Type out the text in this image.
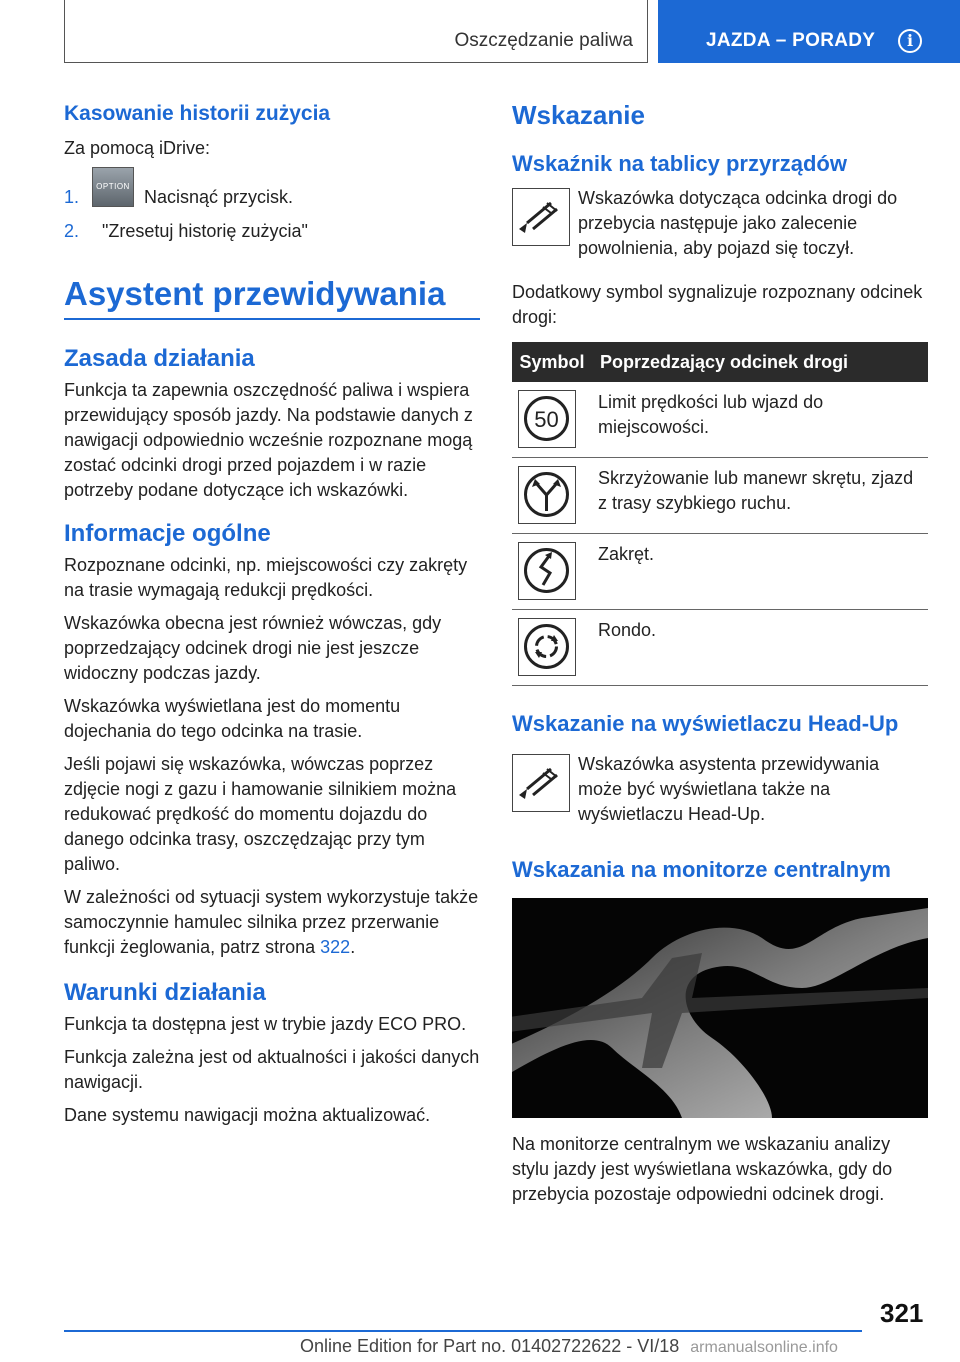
Oszczędzanie paliwa	JAZDA – PORADY	i
Kasowanie historii zużycia

Za pomocą iDrive:

1.
OPTION
Nacisnąć przycisk.
2. "Zresetuj historię zużycia"
Asystent przewidywania
Zasada działania

Funkcja ta zapewnia oszczędność paliwa i wspiera przewidujący sposób jazdy. Na podstawie danych z nawigacji odpowiednio wcześnie rozpoznane mogą zostać odcinki drogi przed pojazdem i w razie potrzeby podane dotyczące ich wskazówki.

Informacje ogólne

Rozpoznane odcinki, np. miejscowości czy zakręty na trasie wymagają redukcji prędkości.

Wskazówka obecna jest również wówczas, gdy poprzedzający odcinek drogi nie jest jeszcze widoczny podczas jazdy.

Wskazówka wyświetlana jest do momentu dojechania do tego odcinka na trasie.

Jeśli pojawi się wskazówka, wówczas poprzez zdjęcie nogi z gazu i hamowanie silnikiem można redukować prędkość do momentu dojazdu do danego odcinka trasy, oszczędzając przy tym paliwo.

W zależności od sytuacji system wykorzystuje także samoczynnie hamulec silnika przez przerwanie funkcji żeglowania, patrz strona 322.

Warunki działania

Funkcja ta dostępna jest w trybie jazdy ECO PRO.

Funkcja zależna jest od aktualności i jakości danych nawigacji.

Dane systemu nawigacji można aktualizować.

Wskazanie
Wskaźnik na tablicy przyrządów

Wskazówka dotycząca odcinka drogi do przebycia następuje jako zalecenie powolnienia, aby pojazd się toczył.

Dodatkowy symbol sygnalizuje rozpoznany odcinek drogi:

Symbol	Poprzedzający odcinek drogi

50	Limit prędkości lub wjazd do miejscowości.

	Skrzyżowanie lub manewr skrętu, zjazd z trasy szybkiego ruchu.

	Zakręt.

	Rondo.
Wskazanie na wyświetlaczu Head-Up

Wskazówka asystenta przewidywania może być wyświetlana także na wyświetlaczu Head-Up.

Wskazania na monitorze centralnym

Na monitorze centralnym we wskazaniu analizy stylu jazdy jest wyświetlana wskazówka, gdy do przebycia pozostaje odpowiedni odcinek drogi.

321
Online Edition for Part no. 01402722622 - VI/18 armanualsonline.info
